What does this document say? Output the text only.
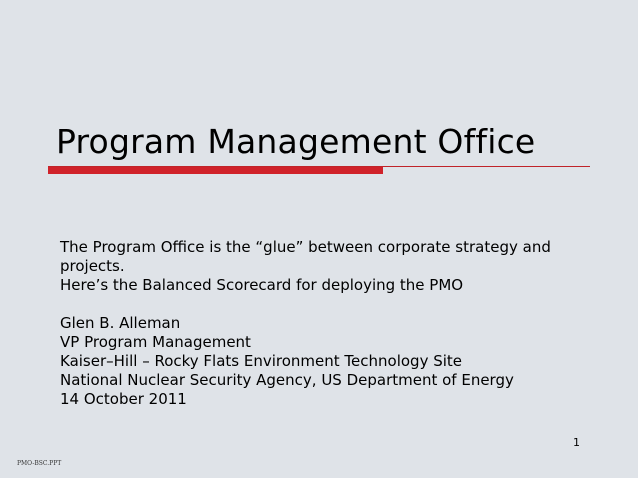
Program Management Office

The Program Office is the “glue” between corporate strategy and projects.

Here’s the Balanced Scorecard for deploying the PMO

Glen B. Alleman

VP Program Management

Kaiser–Hill – Rocky Flats Environment Technology Site

National Nuclear Security Agency, US Department of Energy

14 October 2011

1
PMO-BSC.PPT
